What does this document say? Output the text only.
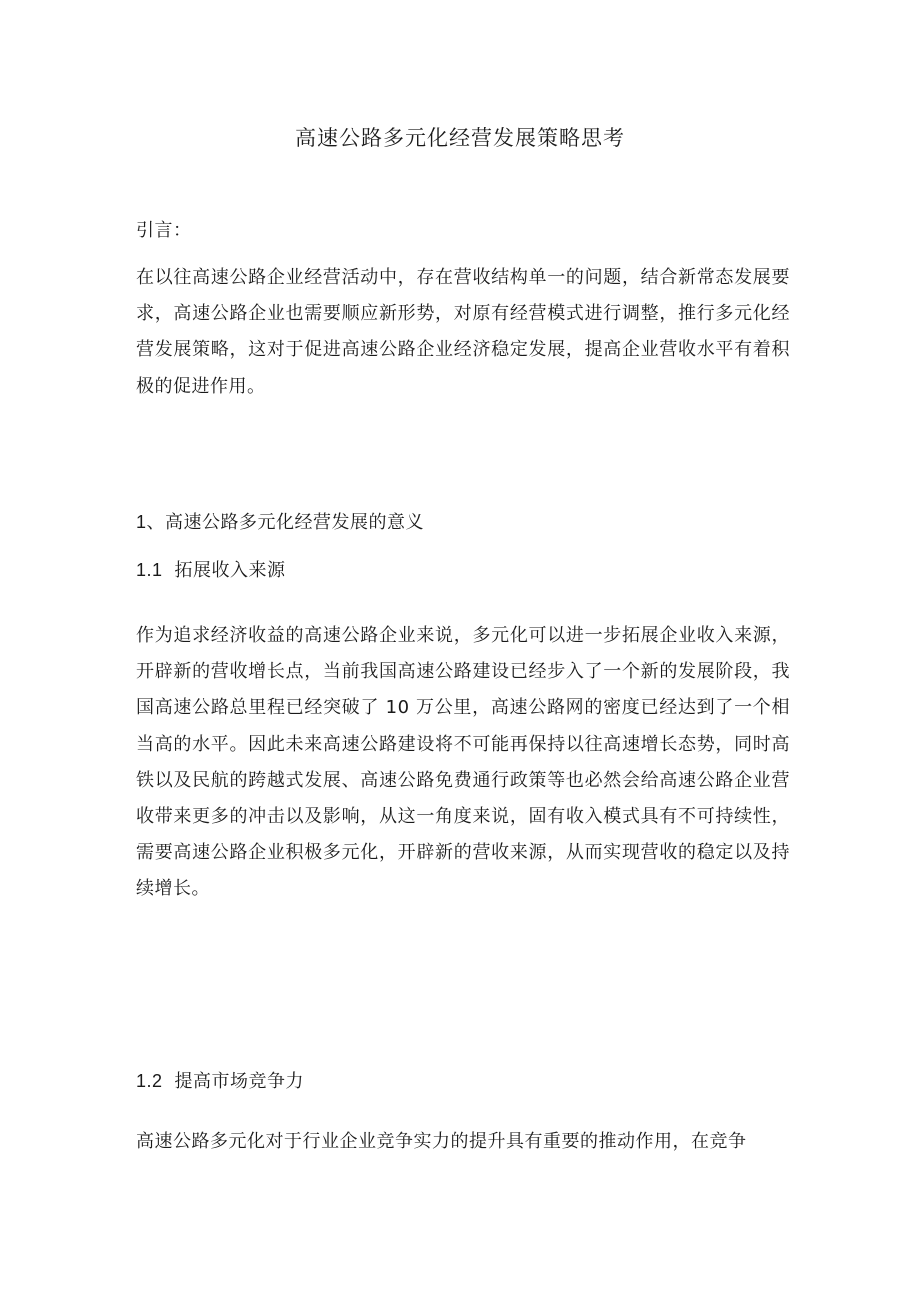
高速公路多元化经营发展策略思考
引言：
在以往高速公路企业经营活动中，存在营收结构单一的问题，结合新常态发展要求，高速公路企业也需要顺应新形势，对原有经营模式进行调整，推行多元化经营发展策略，这对于促进高速公路企业经济稳定发展，提高企业营收水平有着积极的促进作用。
1、高速公路多元化经营发展的意义
1.1 拓展收入来源
作为追求经济收益的高速公路企业来说，多元化可以进一步拓展企业收入来源，开辟新的营收增长点，当前我国高速公路建设已经步入了一个新的发展阶段，我国高速公路总里程已经突破了 10 万公里，高速公路网的密度已经达到了一个相当高的水平。因此未来高速公路建设将不可能再保持以往高速增长态势，同时高铁以及民航的跨越式发展、高速公路免费通行政策等也必然会给高速公路企业营收带来更多的冲击以及影响，从这一角度来说，固有收入模式具有不可持续性，需要高速公路企业积极多元化，开辟新的营收来源，从而实现营收的稳定以及持续增长。
1.2 提高市场竞争力
高速公路多元化对于行业企业竞争实力的提升具有重要的推动作用，在竞争
